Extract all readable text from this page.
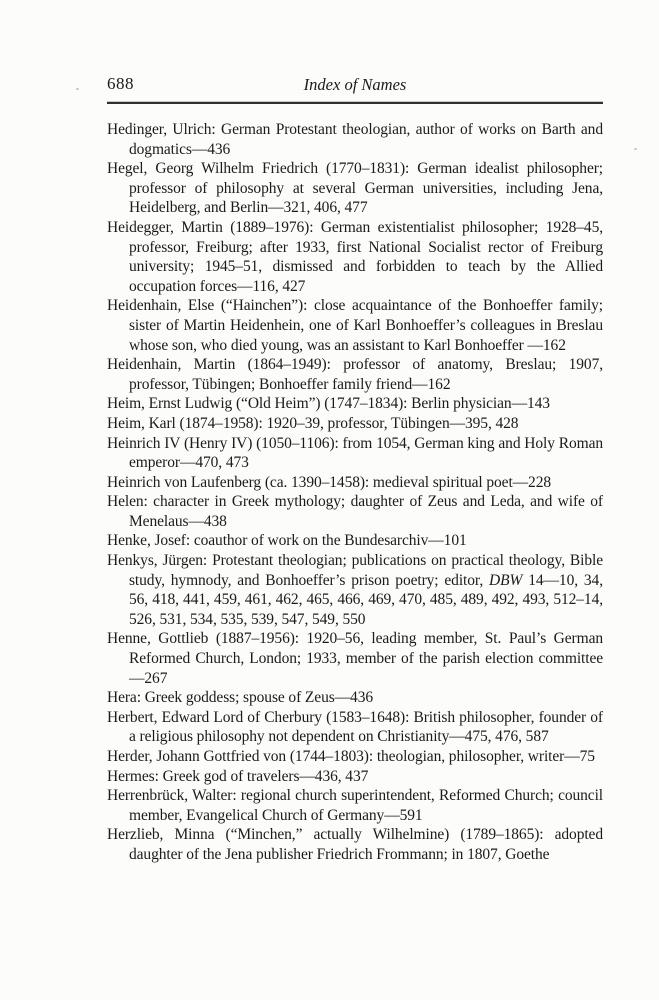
688	Index of Names

Hedinger, Ulrich: German Protestant theologian, author of works on Barth and dogmatics—436

Hegel, Georg Wilhelm Friedrich (1770–1831): German idealist philosopher; professor of philosophy at several German universities, including Jena, Heidelberg, and Berlin—321, 406, 477

Heidegger, Martin (1889–1976): German existentialist philosopher; 1928–45, professor, Freiburg; after 1933, first National Socialist rector of Freiburg university; 1945–51, dismissed and forbidden to teach by the Allied occupation forces—116, 427

Heidenhain, Else (“Hainchen”): close acquaintance of the Bonhoeffer family; sister of Martin Heidenhein, one of Karl Bonhoeffer’s colleagues in Breslau whose son, who died young, was an assistant to Karl Bonhoeffer —162

Heidenhain, Martin (1864–1949): professor of anatomy, Breslau; 1907, professor, Tübingen; Bonhoeffer family friend—162

Heim, Ernst Ludwig (“Old Heim”) (1747–1834): Berlin physician—143

Heim, Karl (1874–1958): 1920–39, professor, Tübingen—395, 428

Heinrich IV (Henry IV) (1050–1106): from 1054, German king and Holy Roman emperor—470, 473

Heinrich von Laufenberg (ca. 1390–1458): medieval spiritual poet—228

Helen: character in Greek mythology; daughter of Zeus and Leda, and wife of Menelaus—438

Henke, Josef: coauthor of work on the Bundesarchiv—101

Henkys, Jürgen: Protestant theologian; publications on practical theology, Bible study, hymnody, and Bonhoeffer’s prison poetry; editor, DBW 14—10, 34, 56, 418, 441, 459, 461, 462, 465, 466, 469, 470, 485, 489, 492, 493, 512–14, 526, 531, 534, 535, 539, 547, 549, 550

Henne, Gottlieb (1887–1956): 1920–56, leading member, St. Paul’s German Reformed Church, London; 1933, member of the parish election committee—267

Hera: Greek goddess; spouse of Zeus—436

Herbert, Edward Lord of Cherbury (1583–1648): British philosopher, founder of a religious philosophy not dependent on Christianity—475, 476, 587

Herder, Johann Gottfried von (1744–1803): theologian, philosopher, writer—75

Hermes: Greek god of travelers—436, 437

Herrenbrück, Walter: regional church superintendent, Reformed Church; council member, Evangelical Church of Germany—591

Herzlieb, Minna (“Minchen,” actually Wilhelmine) (1789–1865): adopted daughter of the Jena publisher Friedrich Frommann; in 1807, Goethe
